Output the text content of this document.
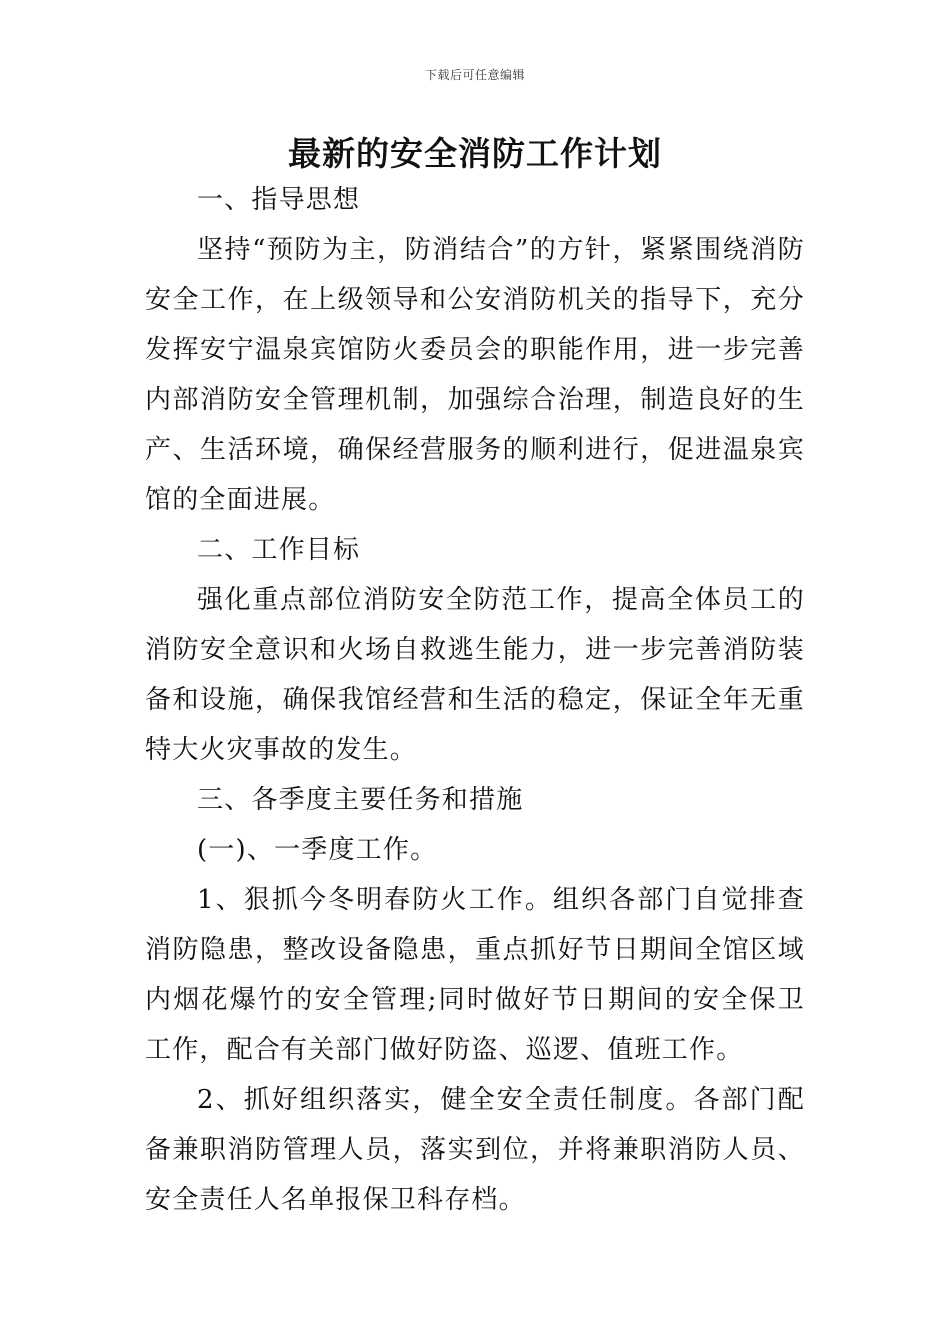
下载后可任意编辑
最新的安全消防工作计划

一、指导思想

坚持“预防为主，防消结合”的方针，紧紧围绕消防安全工作，在上级领导和公安消防机关的指导下，充分发挥安宁温泉宾馆防火委员会的职能作用，进一步完善内部消防安全管理机制，加强综合治理，制造良好的生产、生活环境，确保经营服务的顺利进行，促进温泉宾馆的全面进展。

二、工作目标

强化重点部位消防安全防范工作，提高全体员工的消防安全意识和火场自救逃生能力，进一步完善消防装备和设施，确保我馆经营和生活的稳定，保证全年无重特大火灾事故的发生。

三、各季度主要任务和措施

(一)、一季度工作。

1、狠抓今冬明春防火工作。组织各部门自觉排查消防隐患，整改设备隐患，重点抓好节日期间全馆区域内烟花爆竹的安全管理;同时做好节日期间的安全保卫工作，配合有关部门做好防盗、巡逻、值班工作。

2、抓好组织落实，健全安全责任制度。各部门配备兼职消防管理人员，落实到位，并将兼职消防人员、安全责任人名单报保卫科存档。
